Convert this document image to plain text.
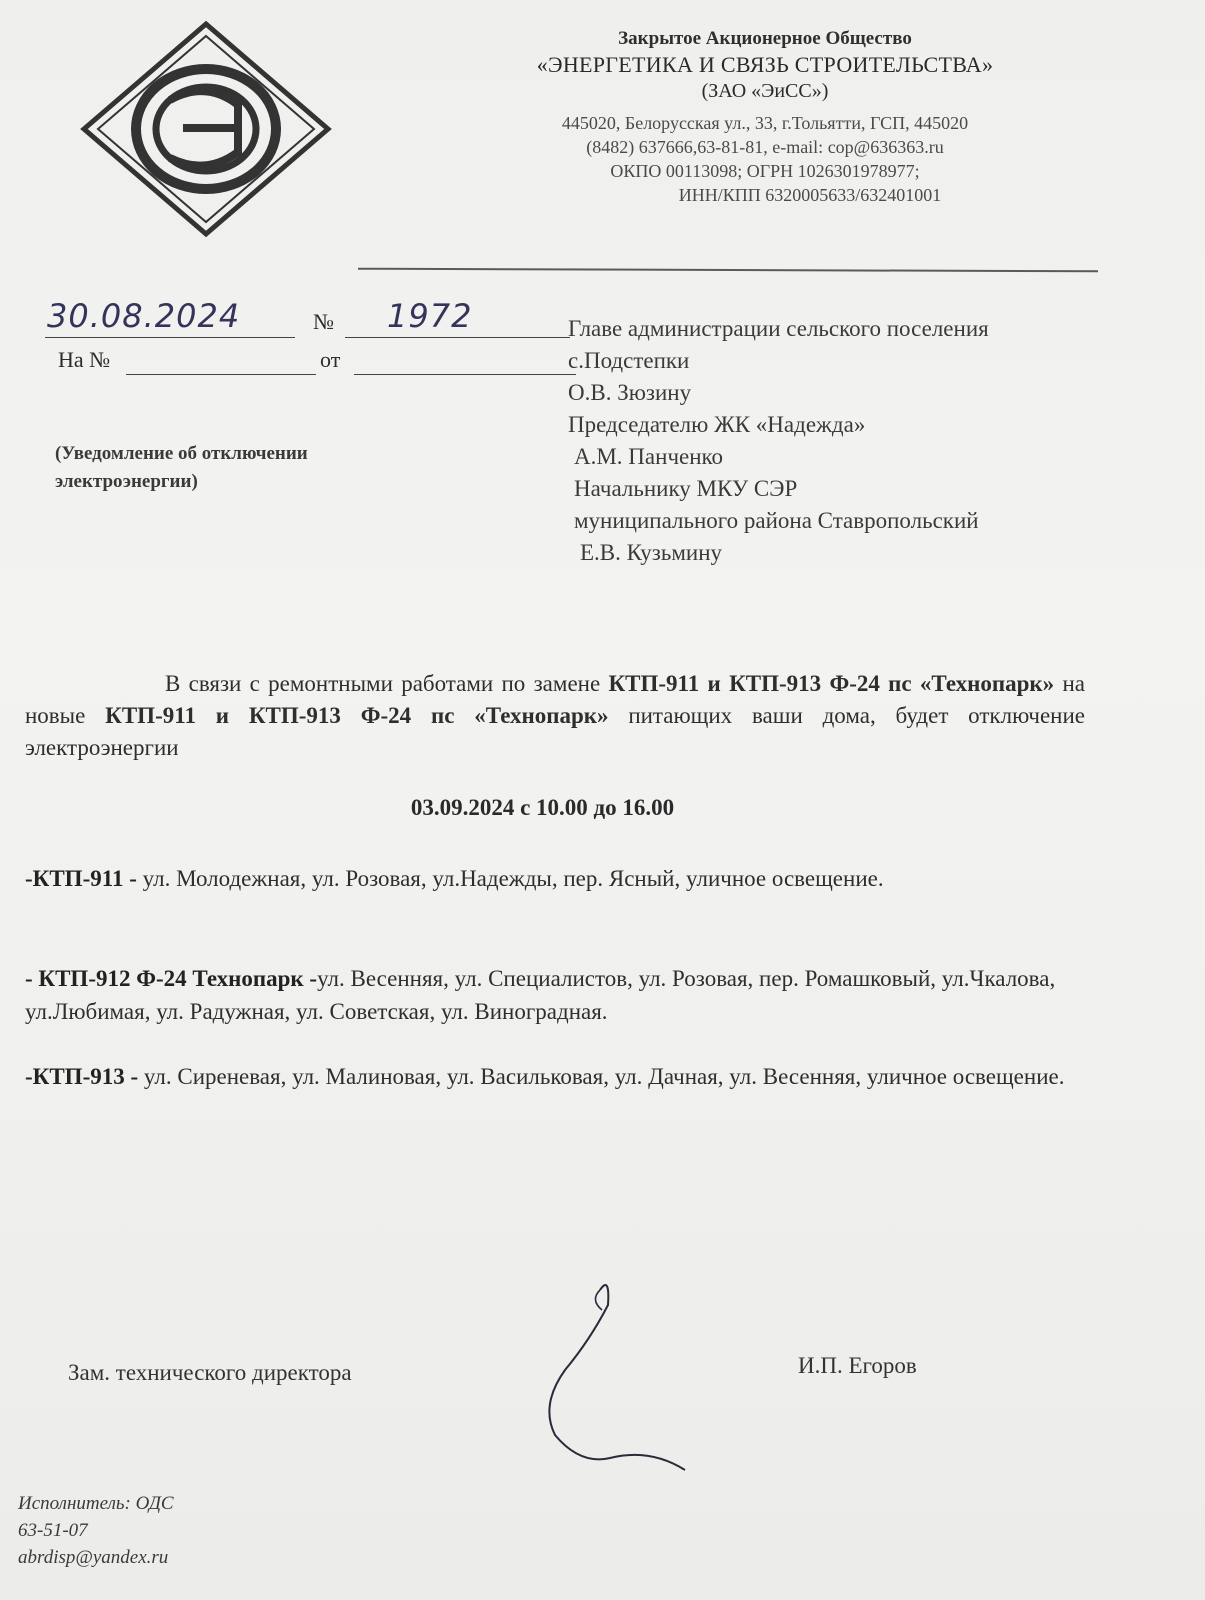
Закрытое Акционерное Общество
«ЭНЕРГЕТИКА И СВЯЗЬ СТРОИТЕЛЬСТВА»
(ЗАО «ЭиСС»)
445020, Белорусская ул., 33, г.Тольятти, ГСП, 445020
(8482) 637666,63-81-81, e-mail: cop@636363.ru
ОКПО 00113098; ОГРН 1026301978977;
ИНН/КПП 6320005633/632401001
30.08.2024	№ 1972
На №	от
(Уведомление об отключении электроэнергии)
Главе администрации сельского поселения
с.Подстепки
О.В. Зюзину
Председателю ЖК «Надежда»
А.М. Панченко
Начальнику МКУ СЭР
муниципального района Ставропольский
Е.В. Кузьмину

В связи с ремонтными работами по замене КТП-911 и КТП-913 Ф-24 пс «Технопарк» на новые КТП-911 и КТП-913 Ф-24 пс «Технопарк» питающих ваши дома, будет отключение электроэнергии

03.09.2024 с 10.00 до 16.00
-КТП-911 - ул. Молодежная, ул. Розовая, ул.Надежды, пер. Ясный, уличное освещение.
- КТП-912 Ф-24 Технопарк -ул. Весенняя, ул. Специалистов, ул. Розовая, пер. Ромашковый, ул.Чкалова, ул.Любимая, ул. Радужная, ул. Советская, ул. Виноградная.
-КТП-913 - ул. Сиреневая, ул. Малиновая, ул. Васильковая, ул. Дачная, ул. Весенняя, уличное освещение.
Зам. технического директора	И.П. Егоров
Исполнитель: ОДС
63-51-07
abrdisp@yandex.ru
